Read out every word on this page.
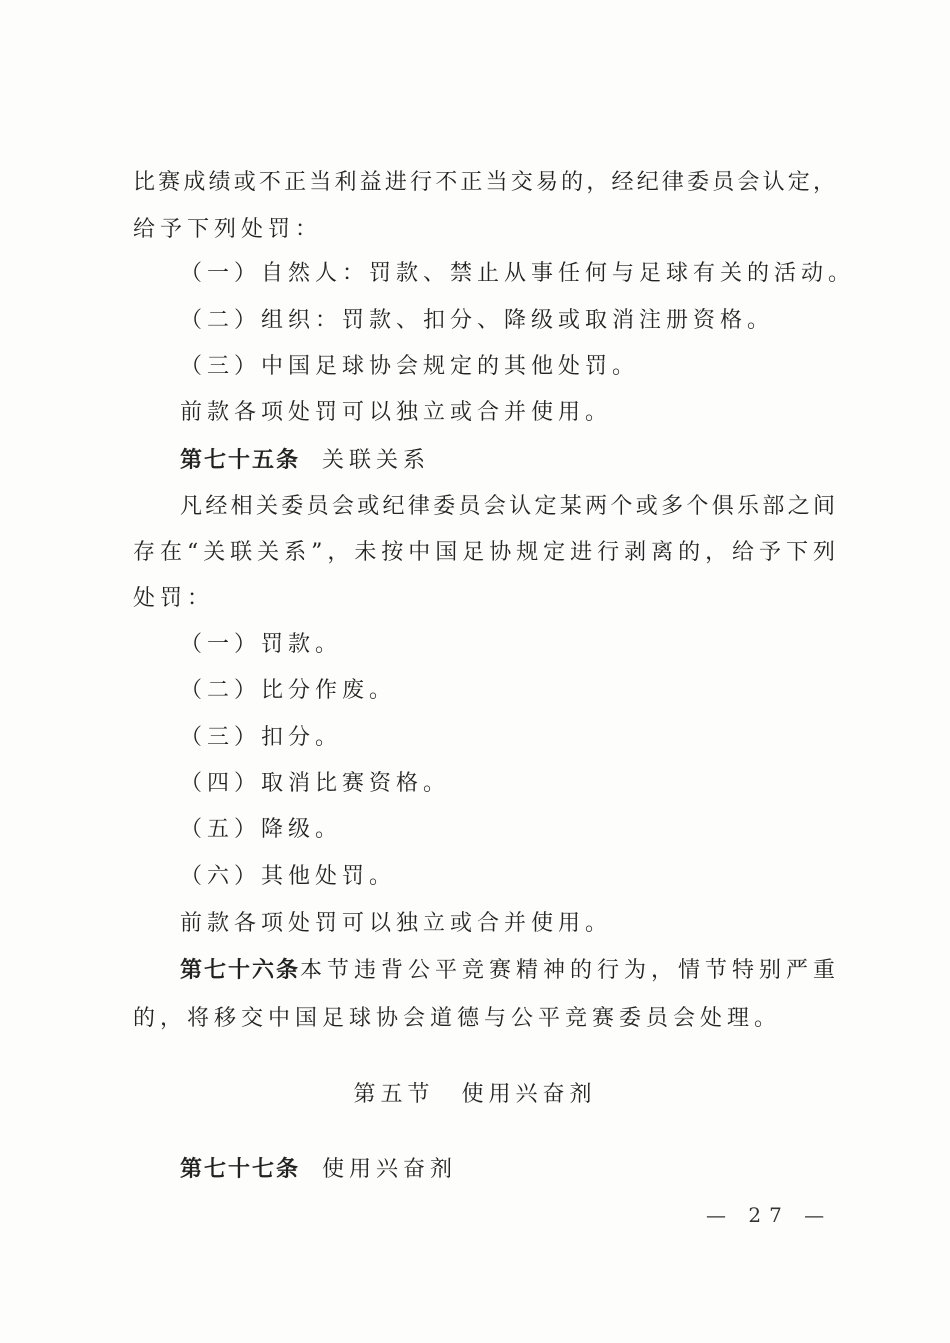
比赛成绩或不正当利益进行不正当交易的，经纪律委员会认定，
给予下列处罚：
（一）自然人：罚款、禁止从事任何与足球有关的活动。
（二）组织：罚款、扣分、降级或取消注册资格。
（三）中国足球协会规定的其他处罚。
前款各项处罚可以独立或合并使用。
第七十五条 关联关系
凡经相关委员会或纪律委员会认定某两个或多个俱乐部之间
存在“关联关系”，未按中国足协规定进行剥离的，给予下列
处罚：
（一）罚款。
（二）比分作废。
（三）扣分。
（四）取消比赛资格。
（五）降级。
（六）其他处罚。
前款各项处罚可以独立或合并使用。
第七十六条 本节违背公平竞赛精神的行为，情节特别严重
的，将移交中国足球协会道德与公平竞赛委员会处理。
第五节　使用兴奋剂
第七十七条 使用兴奋剂
— 27 —
